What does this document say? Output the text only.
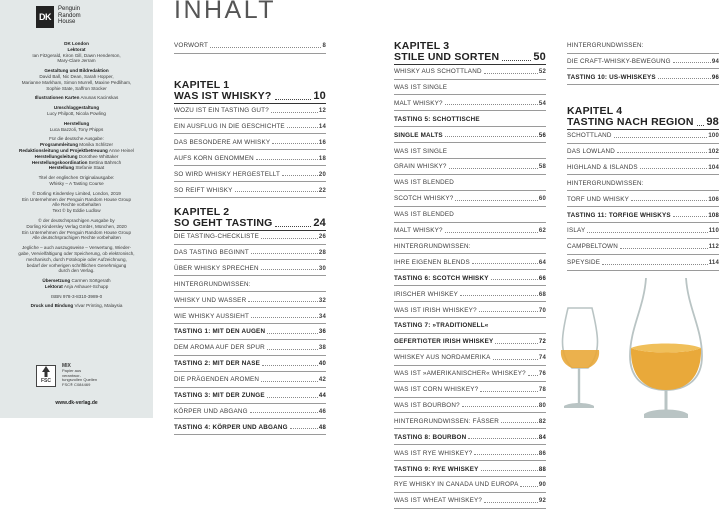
DK
Penguin
Random
House
DK London
Lektorat
Ian Fitzgerald, Kiron Gill, Dawn Henderson,
Mary-Clare Jerram
Gestaltung und Bildredaktion
David Ball, Nic Dean, Sarah Hopper,
Marianne Markham, Simon Murrell, Maxine Pedliham,
Sophie State, Saffron Stocker
Illustrationen Karten Anunas Kacinskas
Umschlaggestaltung
Lucy Philpott, Nicola Powling
Herstellung
Luca Bazzoli, Tony Phipps
Für die deutsche Ausgabe:
Programmleitung Monika Schlitzer
Redaktionsleitung und Projektbetreuung Anne Heinel
Herstellungsleitung Dorothee Whittaker
Herstellungskoordination Bettina Bährsch
Herstellung Stefanie Staat
Titel der englischen Originalausgabe:
Whisky – A Tasting Course
© Dorling Kindersley Limited, London, 2019
Ein Unternehmen der Penguin Random House Group
Alle Rechte vorbehalten
Text © by Eddie Ludlow
© der deutschsprachigen Ausgabe by
Dorling Kindersley Verlag GmbH, München, 2020
Ein Unternehmen der Penguin Random House Group
Alle deutschsprachigen Rechte vorbehalten
Jegliche – auch auszugsweise – Verwertung, Wieder-
gabe, Vervielfältigung oder Speicherung, ob elektronisch,
mechanisch, durch Fotokopie oder Aufzeichnung,
bedarf der vorherigen schriftlichen Genehmigung
durch den Verlag.
Übersetzung Carmen Sörtgerath
Lektorat Anja Ashauer-Schupp
ISBN 978-3-8310-3989-0
Druck und Bindung Vivar Printing, Malaysia
FSC
MIX
Papier aus
verantwor-
tungsvollen Quellen
FSC® C084469
www.dk-verlag.de
INHALT
VORWORT	8
KAPITEL 1
WAS IST WHISKY?	10
WOZU IST EIN TASTING GUT?	12
EIN AUSFLUG IN DIE GESCHICHTE	14
DAS BESONDERE AM WHISKY	16
AUFS KORN GENOMMEN	18
SO WIRD WHISKY HERGESTELLT	20
SO REIFT WHISKY	22
KAPITEL 2
SO GEHT TASTING	24
DIE TASTING-CHECKLISTE	26
DAS TASTING BEGINNT	28
ÜBER WHISKY SPRECHEN	30
HINTERGRUNDWISSEN:
WHISKY UND WASSER	32
WIE WHISKY AUSSIEHT	34
TASTING 1: MIT DEN AUGEN	36
DEM AROMA AUF DER SPUR	38
TASTING 2: MIT DER NASE	40
DIE PRÄGENDEN AROMEN	42
TASTING 3: MIT DER ZUNGE	44
KÖRPER UND ABGANG	46
TASTING 4: KÖRPER UND ABGANG	48
KAPITEL 3
STILE UND SORTEN	50
WHISKY AUS SCHOTTLAND	52
WAS IST SINGLE
MALT WHISKY?	54
TASTING 5: SCHOTTISCHE
SINGLE MALTS	56
WAS IST SINGLE
GRAIN WHISKY?	58
WAS IST BLENDED
SCOTCH WHISKY?	60
WAS IST BLENDED
MALT WHISKY?	62
HINTERGRUNDWISSEN:
IHRE EIGENEN BLENDS	64
TASTING 6: SCOTCH WHISKY	66
IRISCHER WHISKEY	68
WAS IST IRISH WHISKEY?	70
TASTING 7: »TRADITIONELL«
GEFERTIGTER IRISH WHISKEY	72
WHISKEY AUS NORDAMERIKA	74
WAS IST »AMERIKANISCHER« WHISKEY? 76
WAS IST CORN WHISKEY?	78
WAS IST BOURBON?	80
HINTERGRUNDWISSEN: FÄSSER	82
TASTING 8: BOURBON	84
WAS IST RYE WHISKEY?	86
TASTING 9: RYE WHISKEY	88
RYE WHISKY IN CANADA UND EUROPA	90
WAS IST WHEAT WHISKEY?	92
HINTERGRUNDWISSEN:
DIE CRAFT-WHISKY-BEWEGUNG	94
TASTING 10: US-WHISKEYS	96
KAPITEL 4
TASTING NACH REGION 98
SCHOTTLAND	100
DAS LOWLAND	102
HIGHLAND & ISLANDS	104
HINTERGRUNDWISSEN:
TORF UND WHISKY	106
TASTING 11: TORFIGE WHISKYS	108
ISLAY	110
CAMPBELTOWN	112
SPEYSIDE	114
